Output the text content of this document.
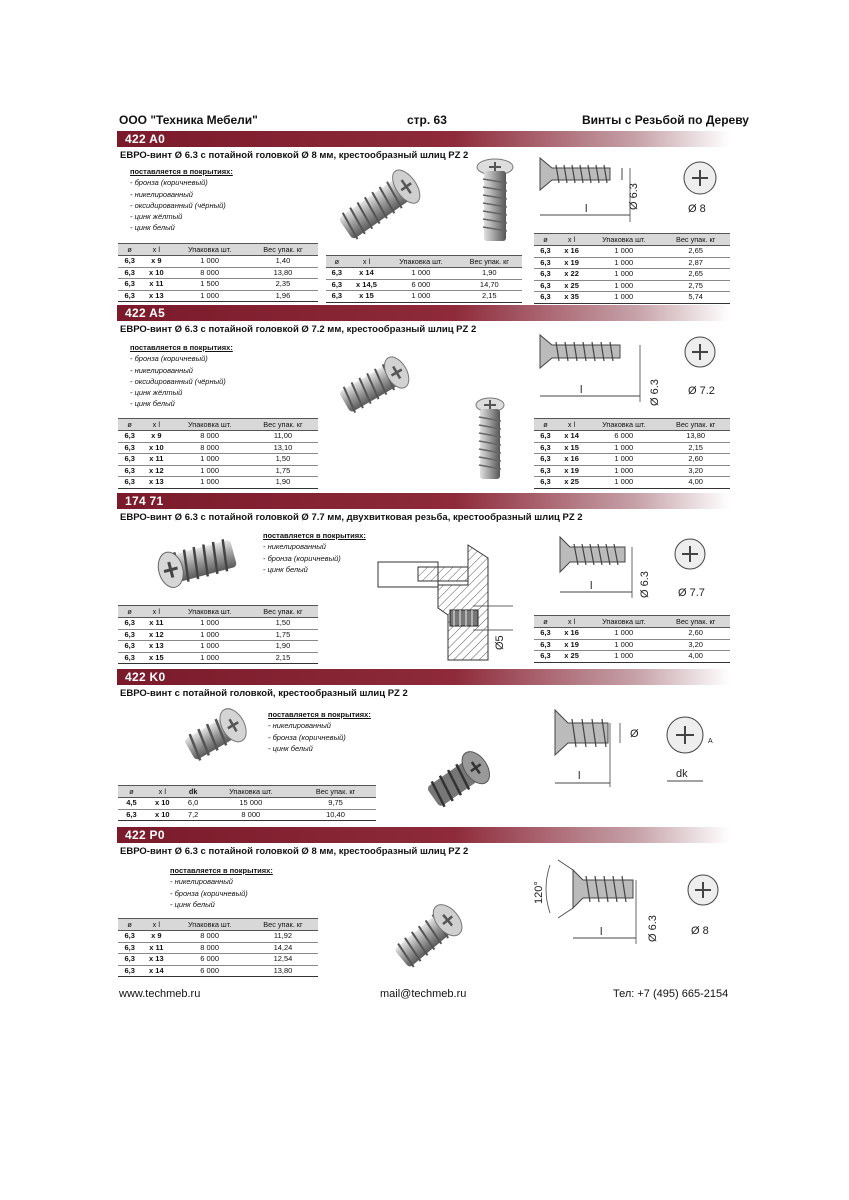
ООО "Техника Мебели"	стр. 63	Винты с Резьбой по Дереву
422 A0
ЕВРО-винт Ø 6.3 с потайной головкой Ø 8 мм, крестообразный шлиц PZ 2
поставляется в покрытиях:
- бронза (коричневый)
- никелированный
- оксидированный (чёрный)
- цинк жёлтый
- цинк белый
ø	x l	Упаковка шт.	Вес упак. кг
6,3	x 9	1 000	1,40
6,3	x 10	8 000	13,80
6,3	x 11	1 500	2,35
6,3	x 13	1 000	1,96
ø	x l	Упаковка шт.	Вес упак. кг
6,3	x 14	1 000	1,90
6,3	x 14,5	6 000	14,70
6,3	x 15	1 000	2,15
ø	x l	Упаковка шт.	Вес упак. кг
6,3	x 16	1 000	2,65
6,3	x 19	1 000	2,87
6,3	x 22	1 000	2,65
6,3	x 25	1 000	2,75
6,3	x 35	1 000	5,74
l	Ø 6.3	Ø 8
422 A5
ЕВРО-винт Ø 6.3 с потайной головкой Ø 7.2 мм, крестообразный шлиц PZ 2
поставляется в покрытиях:
- бронза (коричневый)
- никелированный
- оксидированный (чёрный)
- цинк жёлтый
- цинк белый
ø	x l	Упаковка шт.	Вес упак. кг
6,3	x 9	8 000	11,00
6,3	x 10	8 000	13,10
6,3	x 11	1 000	1,50
6,3	x 12	1 000	1,75
6,3	x 13	1 000	1,90
ø	x l	Упаковка шт.	Вес упак. кг
6,3	x 14	6 000	13,80
6,3	x 15	1 000	2,15
6,3	x 16	1 000	2,60
6,3	x 19	1 000	3,20
6,3	x 25	1 000	4,00
l	Ø 6.3 Ø 7.2
174 71
ЕВРО-винт Ø 6.3 с потайной головкой Ø 7.7 мм, двухвитковая резьба, крестообразный шлиц PZ 2
поставляется в покрытиях:
- никелированный
- бронза (коричневый)
- цинк белый
ø	x l	Упаковка шт.	Вес упак. кг
6,3	x 11	1 000	1,50
6,3	x 12	1 000	1,75
6,3	x 13	1 000	1,90
6,3	x 15	1 000	2,15
Ø5
l	Ø 6.3 Ø 7.7
ø	x l	Упаковка шт.	Вес упак. кг
6,3	x 16	1 000	2,60
6,3	x 19	1 000	3,20
6,3	x 25	1 000	4,00
422 K0
ЕВРО-винт с потайной головкой, крестообразный шлиц PZ 2
поставляется в покрытиях:
- никелированный
- бронза (коричневый)
- цинк белый
ø	x l	dk	Упаковка шт.	Вес упак. кг
4,5	x 10	6,0	15 000	9,75
6,3	x 10	7,2	8 000	10,40
l
Ø
dk
A
422 P0
ЕВРО-винт Ø 6.3 с потайной головкой Ø 8 мм, крестообразный шлиц PZ 2
поставляется в покрытиях:
- никелированный
- бронза (коричневый)
- цинк белый
ø	x l	Упаковка шт.	Вес упак. кг
6,3	x 9	8 000	11,92
6,3	x 11	8 000	14,24
6,3	x 13	6 000	12,54
6,3	x 14	6 000	13,80
120°
l	Ø 6.3	Ø 8
www.techmeb.ru	mail@techmeb.ru	Тел: +7 (495) 665-2154
